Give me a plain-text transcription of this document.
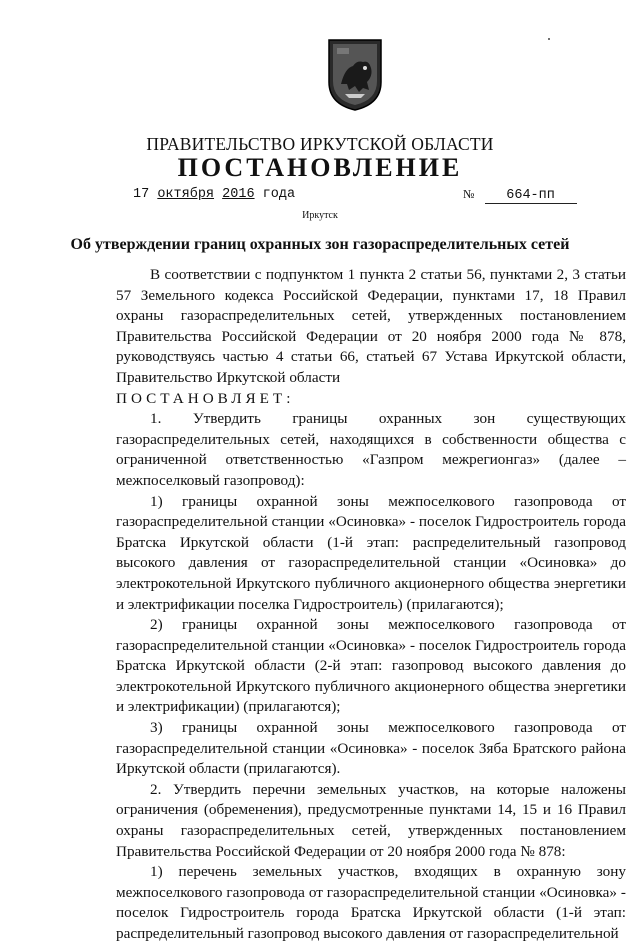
ПРАВИТЕЛЬСТВО ИРКУТСКОЙ ОБЛАСТИ
ПОСТАНОВЛЕНИЕ
17 октября 2016 года	№ 664-пп
Иркутск
Об утверждении границ охранных зон газораспределительных сетей

В соответствии с подпунктом 1 пункта 2 статьи 56, пунктами 2, 3 статьи 57 Земельного кодекса Российской Федерации, пунктами 17, 18 Правил охраны газораспределительных сетей, утвержденных постановлением Правительства Российской Федерации от 20 ноября 2000 года № 878, руководствуясь частью 4 статьи 66, статьей 67 Устава Иркутской области, Правительство Иркутской области

ПОСТАНОВЛЯЕТ:

1. Утвердить границы охранных зон существующих газораспределительных сетей, находящихся в собственности общества с ограниченной ответственностью «Газпром межрегионгаз» (далее – межпоселковый газопровод):

1) границы охранной зоны межпоселкового газопровода от газораспределительной станции «Осиновка» - поселок Гидростроитель города Братска Иркутской области (1-й этап: распределительный газопровод высокого давления от газораспределительной станции «Осиновка» до электрокотельной Иркутского публичного акционерного общества энергетики и электрификации поселка Гидростроитель) (прилагаются);

2) границы охранной зоны межпоселкового газопровода от газораспределительной станции «Осиновка» - поселок Гидростроитель города Братска Иркутской области (2-й этап: газопровод высокого давления до электрокотельной Иркутского публичного акционерного общества энергетики и электрификации) (прилагаются);

3) границы охранной зоны межпоселкового газопровода от газораспределительной станции «Осиновка» - поселок Зяба Братского района Иркутской области (прилагаются).

2. Утвердить перечни земельных участков, на которые наложены ограничения (обременения), предусмотренные пунктами 14, 15 и 16 Правил охраны газораспределительных сетей, утвержденных постановлением Правительства Российской Федерации от 20 ноября 2000 года № 878:

1) перечень земельных участков, входящих в охранную зону межпоселкового газопровода от газораспределительной станции «Осиновка» - поселок Гидростроитель города Братска Иркутской области (1-й этап: распределительный газопровод высокого давления от газораспределительной
